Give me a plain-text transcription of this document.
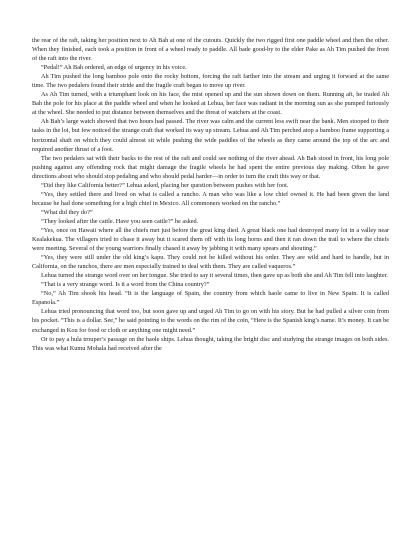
the rear of the raft, taking her position next to Ah Bah at one of the cutouts. Quickly the two rigged first one paddle wheel and then the other. When they finished, each took a position in front of a wheel ready to paddle. All bade good-by to the elder Pake as Ah Tim pushed the front of the raft into the river.

“Pedal!” Ah Bah ordered, an edge of urgency in his voice.

Ah Tim pushed the long bamboo pole onto the rocky bottom, forcing the raft farther into the stream and urging it forward at the same time. The two pedalers found their stride and the fragile craft began to move up river.

As Ah Tim turned, with a triumphant look on his face, the mist opened up and the sun shown down on them. Running aft, he traded Ah Bah the pole for his place at the paddle wheel and when he looked at Lehua, her face was radiant in the morning sun as she pumped furiously at the wheel. She needed to put distance between themselves and the threat of watchers at the coast.

Ah Bah’s large watch showed that two hours had passed. The river was calm and the current less swift near the bank. Men stooped to their tasks in the loi, but few noticed the strange craft that worked its way up stream. Lehua and Ah Tim perched atop a bamboo frame supporting a horizontal shaft on which they could almost sit while pushing the wide paddles of the wheels as they came around the top of the arc and required another thrust of a foot.

The two pedalers sat with their backs to the rest of the raft and could see nothing of the river ahead. Ah Bah stood in front, his long pole pushing against any offending rock that might damage the fragile wheels he had spent the entire previous day making. Often he gave directions about who should stop pedaling and who should pedal harder—in order to turn the craft this way or that.

“Did they like California better?” Lehua asked, placing her question between pushes with her foot.

“Yes, they settled there and lived on what is called a rancho. A man who was like a low chief owned it. He had been given the land because he had done something for a high chief in Mexico. All commoners worked on the rancho.”

“What did they do?”

“They looked after the cattle. Have you seen cattle?” he asked.

“Yes, once on Hawaii where all the chiefs met just before the great king died. A great black one had destroyed many loi in a valley near Kealakekua. The villagers tried to chase it away but it scared them off with its long horns and then it ran down the trail to where the chiefs were meeting. Several of the young warriors finally chased it away by jabbing it with many spears and shouting.”

“Yes, they were still under the old king’s kapu. They could not be killed without his order. They are wild and hard to handle, but in California, on the ranchos, there are men especially trained to deal with them. They are called vaqueros.”

Lehua turned the strange word over on her tongue. She tried to say it several times, then gave up as both she and Ah Tim fell into laughter.

“That is a very strange word. Is it a word from the China country?”

“No,” Ah Tim shook his head. “It is the language of Spain, the country from which haole came to live in New Spain. It is called Espanola.”

Lehua tried pronouncing that word too, but soon gave up and urged Ah Tim to go on with his story. But he had pulled a silver coin from his pocket. “This is a dollar. See,” he said pointing to the words on the rim of the coin, “Here is the Spanish king’s name. It’s money. It can be exchanged in Kou for food or cloth or anything one might need.”

Or to pay a hula trouper’s passage on the haole ships. Lehua thought, taking the bright disc and studying the strange images on both sides. This was what Kumu Mohala had received after the
